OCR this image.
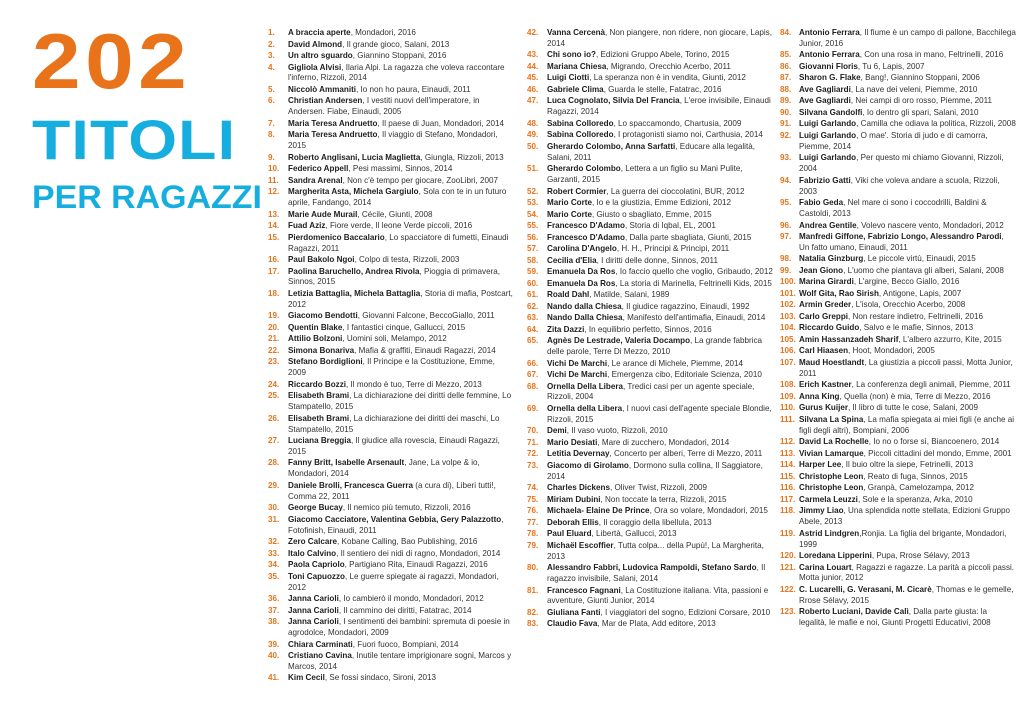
202
TITOLI
PER RAGAZZI
1.	A braccia aperte, Mondadori, 2016
2.	David Almond, Il grande gioco, Salani, 2013
3.	Un altro sguardo, Giannino Stoppani, 2016
4.	Gigliola Alvisi, Ilaria Alpi. La ragazza che voleva raccontare l'inferno, Rizzoli, 2014
5.	Niccolò Ammaniti, Io non ho paura, Einaudi, 2011
6.	Christian Andersen, I vestiti nuovi dell'imperatore, in Andersen. Fiabe, Einaudi, 2005
7.	Maria Teresa Andruetto, Il paese di Juan, Mondadori, 2014
8.	Maria Teresa Andruetto, Il viaggio di Stefano, Mondadori, 2015
9.	Roberto Anglisani, Lucia Maglietta, Giungla, Rizzoli, 2013
10.	Federico Appell, Pesi massimi, Sinnos, 2014
11.	Sandra Arenal, Non c'è tempo per giocare, ZooLibri, 2007
12.	Margherita Asta, Michela Gargiulo, Sola con te in un futuro aprile, Fandango, 2014
13.	Marie Aude Murail, Cécile, Giunti, 2008
14.	Fuad Aziz, Fiore verde, Il leone Verde piccoli, 2016
15.	Pierdomenico Baccalario, Lo spacciatore di fumetti, Einaudi Ragazzi, 2011
16.	Paul Bakolo Ngoi, Colpo di testa, Rizzoli, 2003
17.	Paolina Baruchello, Andrea Rivola, Pioggia di primavera, Sinnos, 2015
18.	Letizia Battaglia, Michela Battaglia, Storia di mafia, Postcart, 2012
19.	Giacomo Bendotti, Giovanni Falcone, BeccoGiallo, 2011
20.	Quentin Blake, I fantastici cinque, Gallucci, 2015
21.	Attilio Bolzoni, Uomini soli, Melampo, 2012
22.	Simona Bonariva, Mafia & graffiti, Einaudi Ragazzi, 2014
23.	Stefano Bordiglioni, Il Principe e la Costituzione, Emme, 2009
24.	Riccardo Bozzi, Il mondo è tuo, Terre di Mezzo, 2013
25.	Elisabeth Brami, La dichiarazione dei diritti delle femmine, Lo Stampatello, 2015
26.	Elisabeth Brami, La dichiarazione dei diritti dei maschi, Lo Stampatello, 2015
27.	Luciana Breggia, Il giudice alla rovescia, Einaudi Ragazzi, 2015
28.	Fanny Britt, Isabelle Arsenault, Jane, La volpe & io, Mondadori, 2014
29.	Daniele Brolli, Francesca Guerra (a cura di), Liberi tutti!, Comma 22, 2011
30.	George Bucay, Il nemico più temuto, Rizzoli, 2016
31.	Giacomo Cacciatore, Valentina Gebbia, Gery Palazzotto, Fotofinish, Einaudi, 2011
32.	Zero Calcare, Kobane Calling, Bao Publishing, 2016
33.	Italo Calvino, Il sentiero dei nidi di ragno, Mondadori, 2014
34.	Paola Capriolo, Partigiano Rita, Einaudi Ragazzi, 2016
35.	Toni Capuozzo, Le guerre spiegate ai ragazzi, Mondadori, 2012
36.	Janna Carioli, Io cambierò il mondo, Mondadori, 2012
37.	Janna Carioli, Il cammino dei diritti, Fatatrac, 2014
38.	Janna Carioli, I sentimenti dei bambini: spremuta di poesie in agrodolce, Mondadori, 2009
39.	Chiara Carminati, Fuori fuoco, Bompiani, 2014
40.	Cristiano Cavina, Inutile tentare imprigionare sogni, Marcos y Marcos, 2014
41.	Kim Cecil, Se fossi sindaco, Sironi, 2013
42.	Vanna Cercenà, Non piangere, non ridere, non giocare, Lapis, 2014
43.	Chi sono io?, Edizioni Gruppo Abele, Torino, 2015
44.	Mariana Chiesa, Migrando, Orecchio Acerbo, 2011
45.	Luigi Ciotti, La speranza non è in vendita, Giunti, 2012
46.	Gabriele Clima, Guarda le stelle, Fatatrac, 2016
47.	Luca Cognolato, Silvia Del Francia, L'eroe invisibile, Einaudi Ragazzi, 2014
48.	Sabina Colloredo, Lo spaccamondo, Chartusia, 2009
49.	Sabina Colloredo, I protagonisti siamo noi, Carthusia, 2014
50.	Gherardo Colombo, Anna Sarfatti, Educare alla legalità, Salani, 2011
51.	Gherardo Colombo, Lettera a un figlio su Mani Pulite, Garzanti, 2015
52.	Robert Cormier, La guerra dei cioccolatini, BUR, 2012
53.	Mario Corte, Io e la giustizia, Emme Edizioni, 2012
54.	Mario Corte, Giusto o sbagliato, Emme, 2015
55.	Francesco D'Adamo, Storia di Iqbal, EL, 2001
56.	Francesco D'Adamo, Dalla parte sbagliata, Giunti, 2015
57.	Carolina D'Angelo, H. H., Principi & Principi, 2011
58.	Cecilia d'Elia, I diritti delle donne, Sinnos, 2011
59.	Emanuela Da Ros, Io faccio quello che voglio, Gribaudo, 2012
60.	Emanuela Da Ros, La storia di Marinella, Feltrinelli Kids, 2015
61.	Roald Dahl, Matilde, Salani, 1989
62.	Nando dalla Chiesa, Il giudice ragazzino, Einaudi, 1992
63.	Nando Dalla Chiesa, Manifesto dell'antimafia, Einaudi, 2014
64.	Zita Dazzi, In equilibrio perfetto, Sinnos, 2016
65.	Agnès De Lestrade, Valeria Docampo, La grande fabbrica delle parole, Terre Di Mezzo, 2010
66.	Vichi De Marchi, Le arance di Michele, Piemme, 2014
67.	Vichi De Marchi, Emergenza cibo, Editoriale Scienza, 2010
68.	Ornella Della Libera, Tredici casi per un agente speciale, Rizzoli, 2004
69.	Ornella della Libera, I nuovi casi dell'agente speciale Blondie, Rizzoli, 2015
70.	Demi, Il vaso vuoto, Rizzoli, 2010
71.	Mario Desiati, Mare di zucchero, Mondadori, 2014
72.	Letitia Devernay, Concerto per alberi, Terre di Mezzo, 2011
73.	Giacomo di Girolamo, Dormono sulla collina, Il Saggiatore, 2014
74.	Charles Dickens, Oliver Twist, Rizzoli, 2009
75.	Miriam Dubini, Non toccate la terra, Rizzoli, 2015
76.	Michaela- Elaine De Prince, Ora so volare, Mondadori, 2015
77.	Deborah Ellis, Il coraggio della libellula, 2013
78.	Paul Eluard, Libertà, Gallucci, 2013
79.	Michaël Escoffier, Tutta colpa... della Pupù!, La Margherita, 2013
80.	Alessandro Fabbri, Ludovica Rampoldi, Stefano Sardo, Il ragazzo invisibile, Salani, 2014
81.	Francesco Fagnani, La Costituzione italiana. Vita, passioni e avventure, Giunti Junior, 2014
82.	Giuliana Fanti, I viaggiatori del sogno, Edizioni Corsare, 2010
83.	Claudio Fava, Mar de Plata, Add editore, 2013
84. Antonio Ferrara, Il fiume è un campo di pallone, Bacchilega Junior, 2016
85. Antonio Ferrara, Con una rosa in mano, Feltrinelli, 2016
86. Giovanni Floris, Tu 6, Lapis, 2007
87. Sharon G. Flake, Bang!, Giannino Stoppani, 2006
88. Ave Gagliardi, La nave dei veleni, Piemme, 2010
89. Ave Gagliardi, Nei campi di oro rosso, Piemme, 2011
90. Silvana Gandolfi, Io dentro gli spari, Salani, 2010
91. Luigi Garlando, Camilla che odiava la politica, Rizzoli, 2008
92. Luigi Garlando, O mae'. Storia di judo e di camorra, Piemme, 2014
93. Luigi Garlando, Per questo mi chiamo Giovanni, Rizzoli, 2004
94. Fabrizio Gatti, Viki che voleva andare a scuola, Rizzoli, 2003
95. Fabio Geda, Nel mare ci sono i coccodrilli, Baldini & Castoldi, 2013
96. Andrea Gentile, Volevo nascere vento, Mondadori, 2012
97. Manfredi Giffone, Fabrizio Longo, Alessandro Parodi, Un fatto umano, Einaudi, 2011
98. Natalia Ginzburg, Le piccole virtù, Einaudi, 2015
99. Jean Giono, L'uomo che piantava gli alberi, Salani, 2008
100. Marina Girardi, L'argine, Becco Giallo, 2016
101. Wolf Gita, Rao Sirish, Antigone, Lapis, 2007
102. Armin Greder, L'isola, Orecchio Acerbo, 2008
103. Carlo Greppi, Non restare indietro, Feltrinelli, 2016
104. Riccardo Guido, Salvo e le mafie, Sinnos, 2013
105. Amin Hassanzadeh Sharif, L'albero azzurro, Kite, 2015
106. Carl Hiaasen, Hoot, Mondadori, 2005
107. Maud Hoestlandt, La giustizia a piccoli passi, Motta Junior, 2011
108. Erich Kastner, La conferenza degli animali, Piemme, 2011
109. Anna King, Quella (non) è mia, Terre di Mezzo, 2016
110. Gurus Kuijer, Il libro di tutte le cose, Salani, 2009
111. Silvana La Spina, La mafia spiegata ai miei figli (e anche ai figli degli altri), Bompiani, 2006
112. David La Rochelle, Io no o forse sì, Biancoenero, 2014
113. Vivian Lamarque, Piccoli cittadini del mondo, Emme, 2001
114. Harper Lee, Il buio oltre la siepe, Fetrinelli, 2013
115. Christophe Leon, Reato di fuga, Sinnos, 2015
116. Christophe Leon, Granpà, Camelozampa, 2012
117. Carmela Leuzzi, Sole e la speranza, Arka, 2010
118. Jimmy Liao, Una splendida notte stellata, Edizioni Gruppo Abele, 2013
119. Astrid Lindgren,Ronjia. La figlia del brigante, Mondadori, 1999
120. Loredana Lipperini, Pupa, Rrose Sélavy, 2013
121. Carina Louart, Ragazzi e ragazze. La parità a piccoli passi. Motta junior, 2012
122. C. Lucarelli, G. Verasani, M. Cicarè, Thomas e le gemelle, Rrose Sélavy, 2015
123. Roberto Luciani, Davide Calì, Dalla parte giusta: la legalità, le mafie e noi, Giunti Progetti Educativi, 2008
